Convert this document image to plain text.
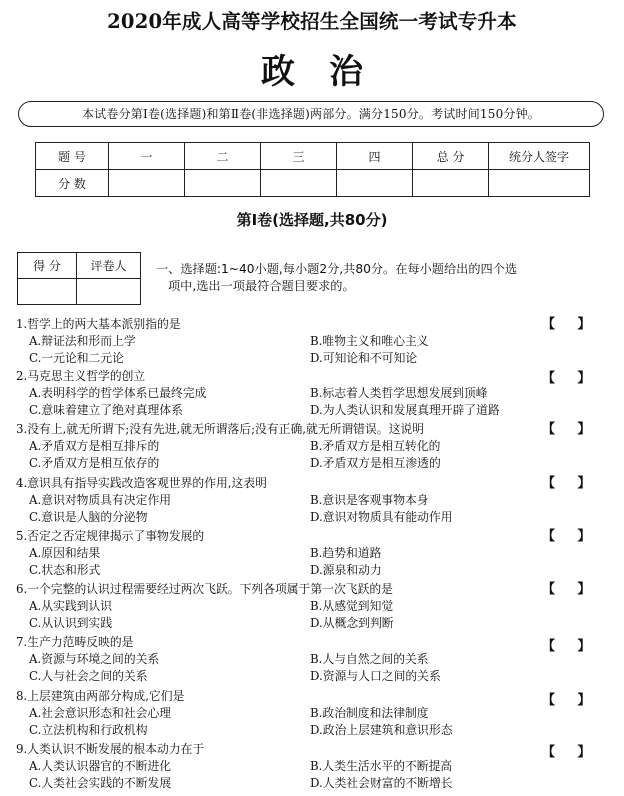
2020年成人高等学校招生全国统一考试专升本
政治
本试卷分第Ⅰ卷(选择题)和第Ⅱ卷(非选择题)两部分。满分150分。考试时间150分钟。
题 号	一	二	三	四	总 分	统分人签字
分 数						
第Ⅰ卷(选择题,共80分)
得 分	评卷人
	一、选择题:1~40小题,每小题2分,共80分。在每小题给出的四个选
项中,选出一项最符合题目要求的。
1.哲学上的两大基本派别指的是
A.辩证法和形而上学	B.唯物主义和唯心主义
C.一元论和二元论	D.可知论和不可知论
【 】
2.马克思主义哲学的创立
A.表明科学的哲学体系已最终完成	B.标志着人类哲学思想发展到顶峰
C.意味着建立了绝对真理体系	D.为人类认识和发展真理开辟了道路
【 】
3.没有上,就无所谓下;没有先进,就无所谓落后;没有正确,就无所谓错误。这说明
A.矛盾双方是相互排斥的	B.矛盾双方是相互转化的
C.矛盾双方是相互依存的	D.矛盾双方是相互渗透的
【 】
4.意识具有指导实践改造客观世界的作用,这表明
A.意识对物质具有决定作用	B.意识是客观事物本身
C.意识是人脑的分泌物	D.意识对物质具有能动作用
【 】
5.否定之否定规律揭示了事物发展的
A.原因和结果	B.趋势和道路
C.状态和形式	D.源泉和动力
【 】
6.一个完整的认识过程需要经过两次飞跃。下列各项属于第一次飞跃的是
A.从实践到认识	B.从感觉到知觉
C.从认识到实践	D.从概念到判断
【 】
7.生产力范畴反映的是
A.资源与环境之间的关系	B.人与自然之间的关系
C.人与社会之间的关系	D.资源与人口之间的关系
【 】
8.上层建筑由两部分构成,它们是
A.社会意识形态和社会心理	B.政治制度和法律制度
C.立法机构和行政机构	D.政治上层建筑和意识形态
【 】
9.人类认识不断发展的根本动力在于
A.人类认识器官的不断进化	B.人类生活水平的不断提高
C.人类社会实践的不断发展	D.人类社会财富的不断增长
【 】
